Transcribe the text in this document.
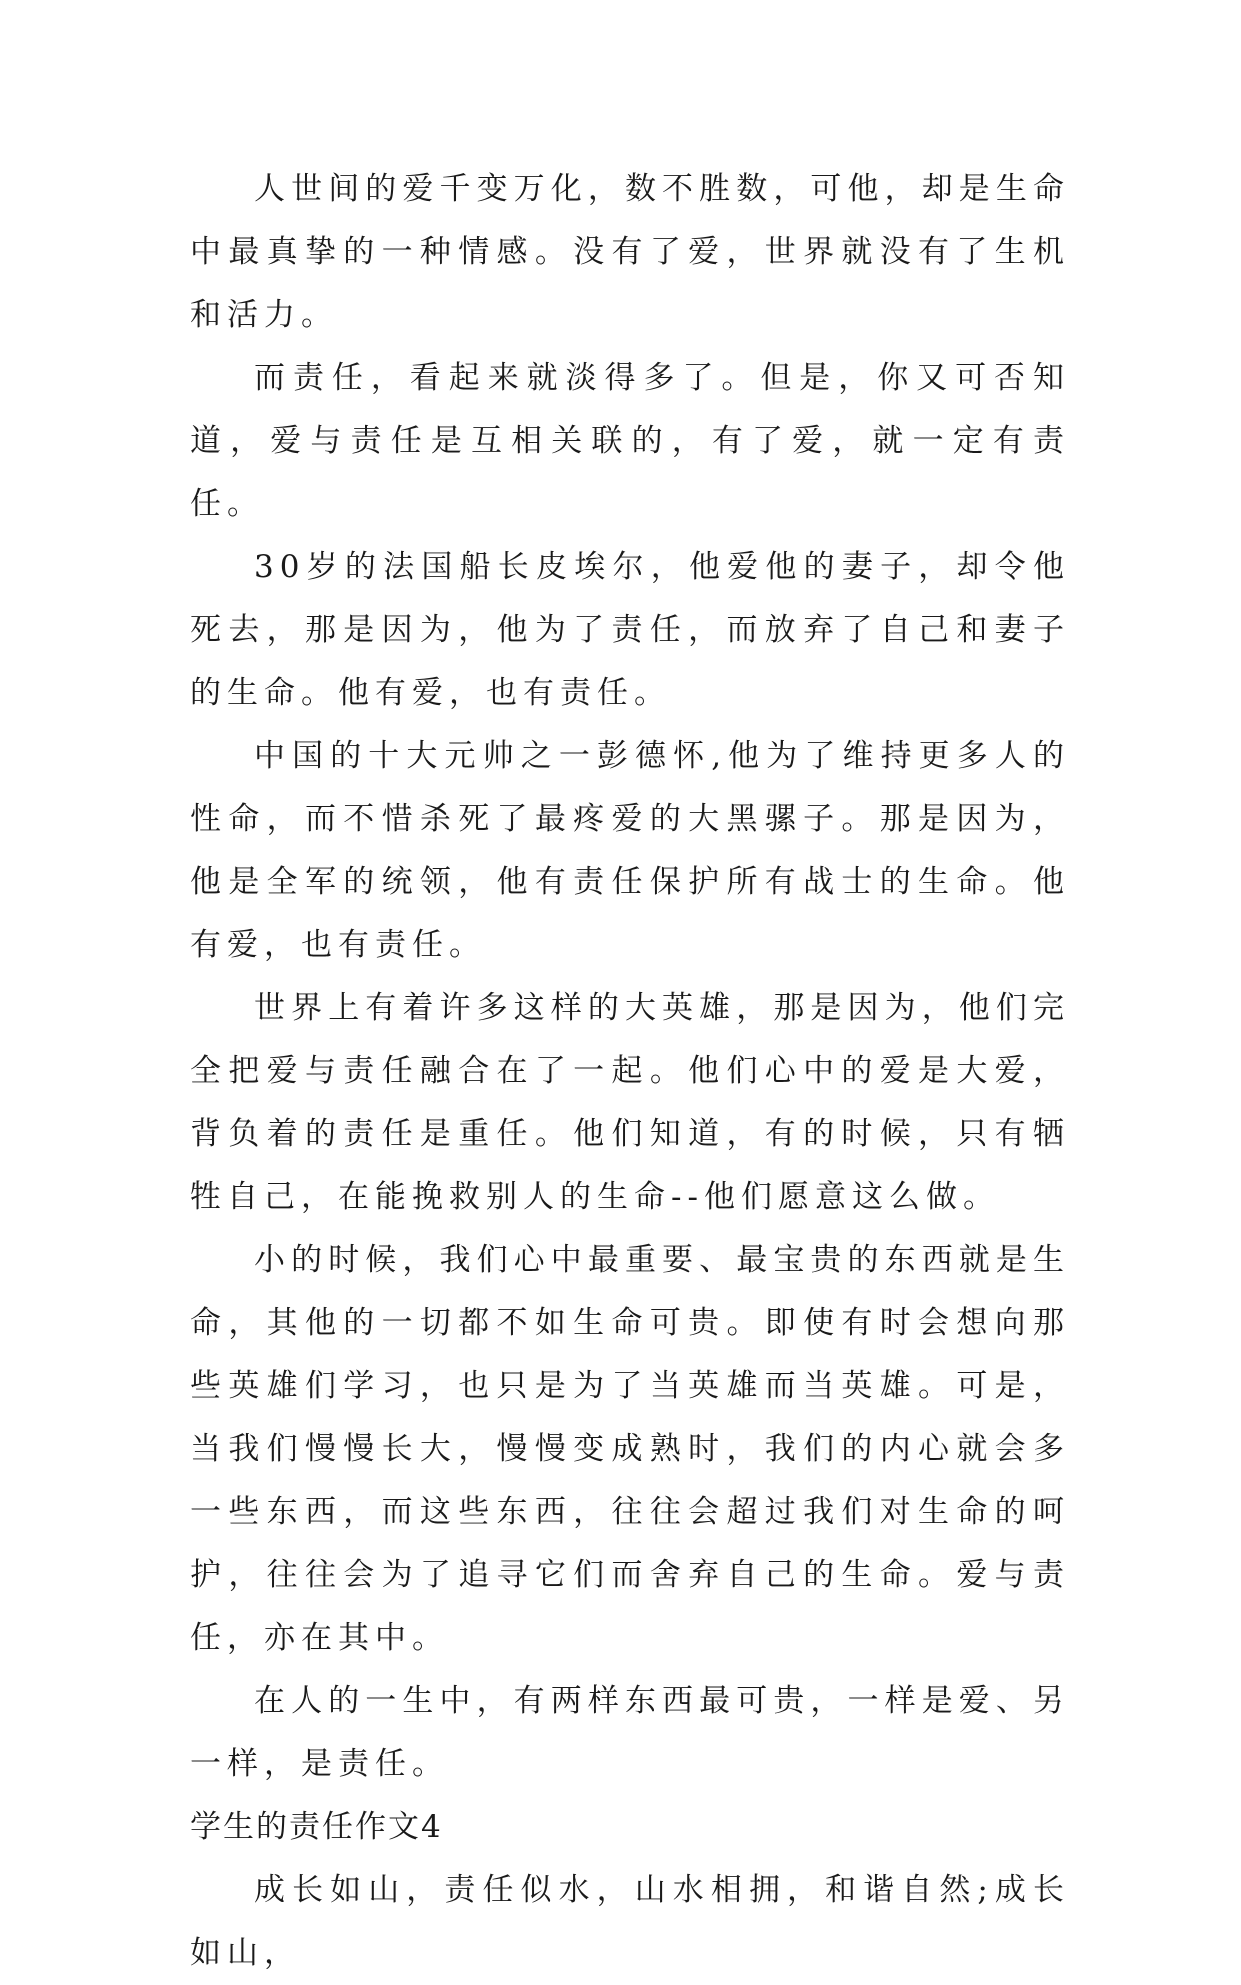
人世间的爱千变万化，数不胜数，可他，却是生命中最真挚的一种情感。没有了爱，世界就没有了生机和活力。

而责任，看起来就淡得多了。但是，你又可否知道，爱与责任是互相关联的，有了爱，就一定有责任。

30岁的法国船长皮埃尔，他爱他的妻子，却令他死去，那是因为，他为了责任，而放弃了自己和妻子的生命。他有爱，也有责任。

中国的十大元帅之一彭德怀,他为了维持更多人的性命，而不惜杀死了最疼爱的大黑骡子。那是因为，他是全军的统领，他有责任保护所有战士的生命。他有爱，也有责任。

世界上有着许多这样的大英雄，那是因为，他们完全把爱与责任融合在了一起。他们心中的爱是大爱，背负着的责任是重任。他们知道，有的时候，只有牺牲自己，在能挽救别人的生命--他们愿意这么做。

小的时候，我们心中最重要、最宝贵的东西就是生命，其他的一切都不如生命可贵。即使有时会想向那些英雄们学习，也只是为了当英雄而当英雄。可是，当我们慢慢长大，慢慢变成熟时，我们的内心就会多一些东西，而这些东西，往往会超过我们对生命的呵护，往往会为了追寻它们而舍弃自己的生命。爱与责任，亦在其中。

在人的一生中，有两样东西最可贵，一样是爱、另一样，是责任。

学生的责任作文4

成长如山，责任似水，山水相拥，和谐自然;成长如山，
